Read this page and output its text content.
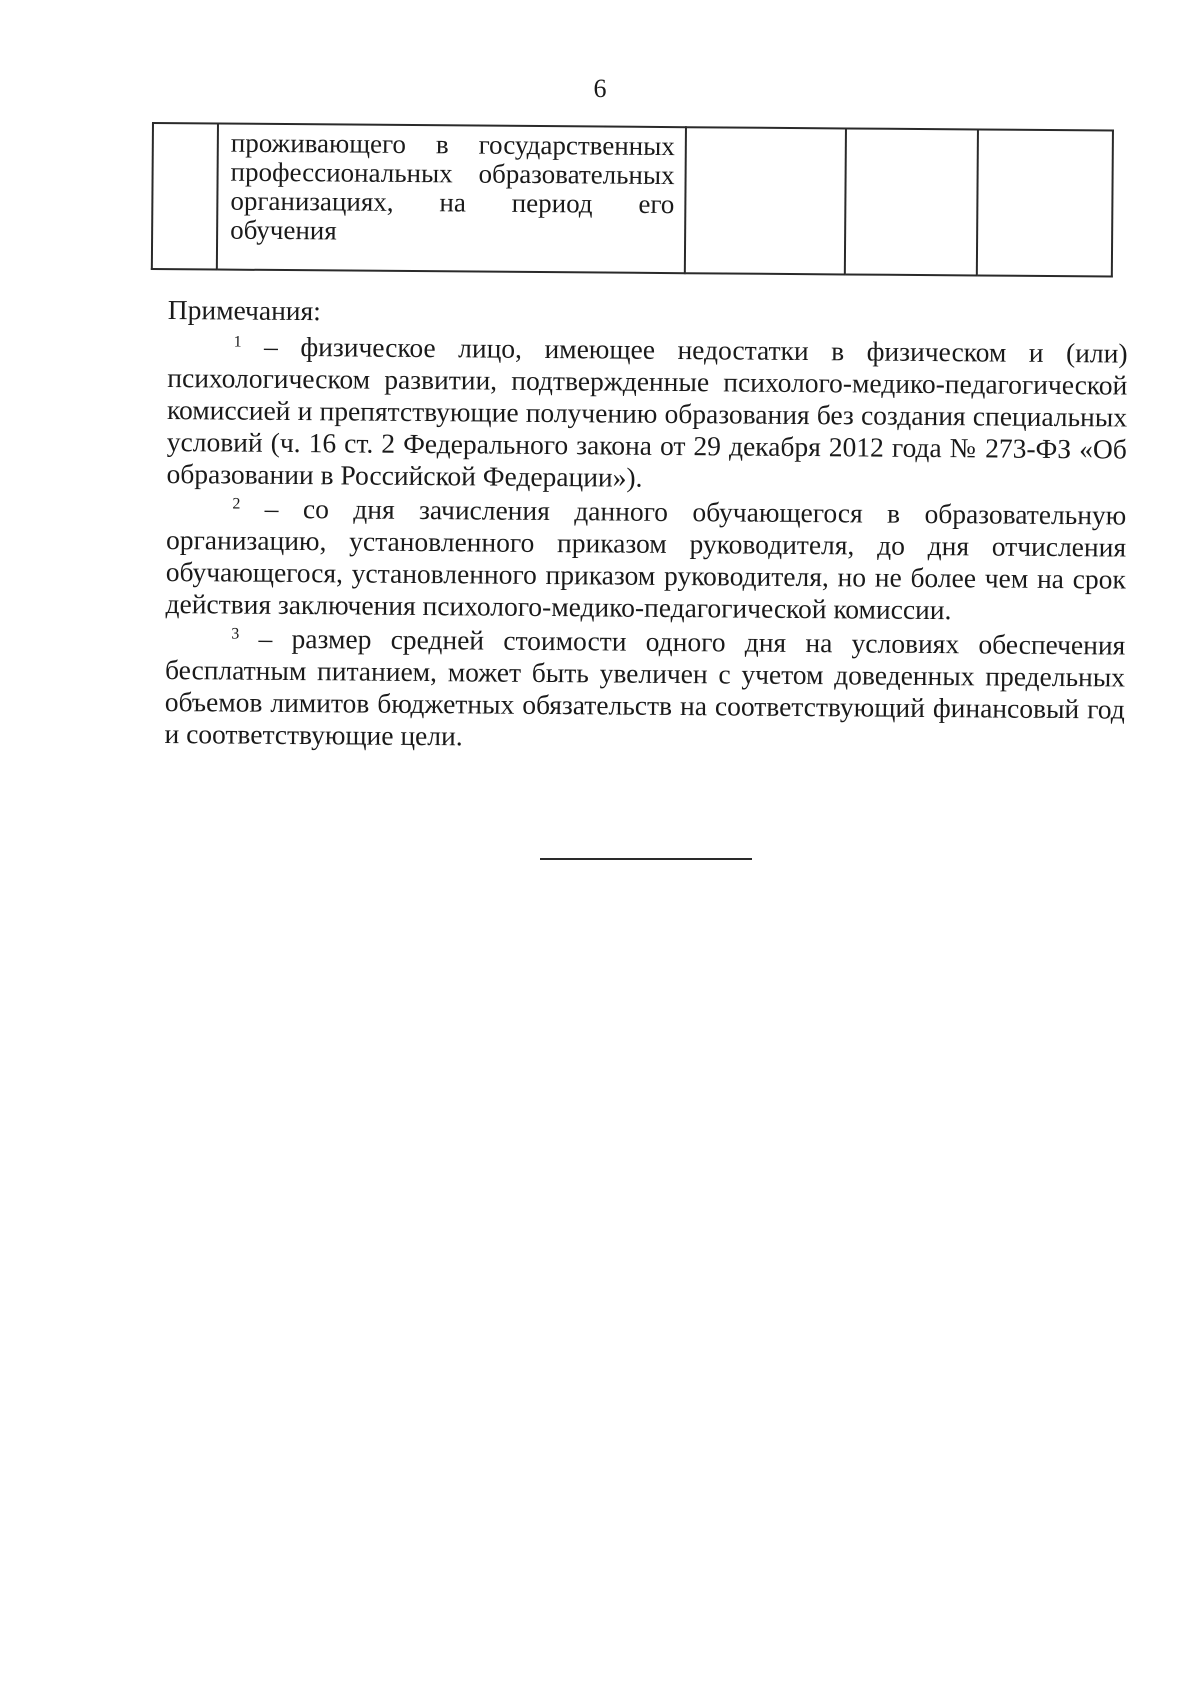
6

проживающего в государственных
профессиональных образовательных
организациях, на период его
обучения

Примечания:

$^1$ – физическое лицо, имеющее недостатки в физическом и (или) психологическом развитии, подтвержденные психолого-медико-педагогической комиссией и препятствующие получению образования без создания специальных условий (ч. 16 ст. 2 Федерального закона от 29 декабря 2012 года № 273-ФЗ «Об образовании в Российской Федерации»).

$^2$ – со дня зачисления данного обучающегося в образовательную организацию, установленного приказом руководителя, до дня отчисления обучающегося, установленного приказом руководителя, но не более чем на срок действия заключения психолого-медико-педагогической комиссии.

$^3$ – размер средней стоимости одного дня на условиях обеспечения бесплатным питанием, может быть увеличен с учетом доведенных предельных объемов лимитов бюджетных обязательств на соответствующий финансовый год и соответствующие цели.
